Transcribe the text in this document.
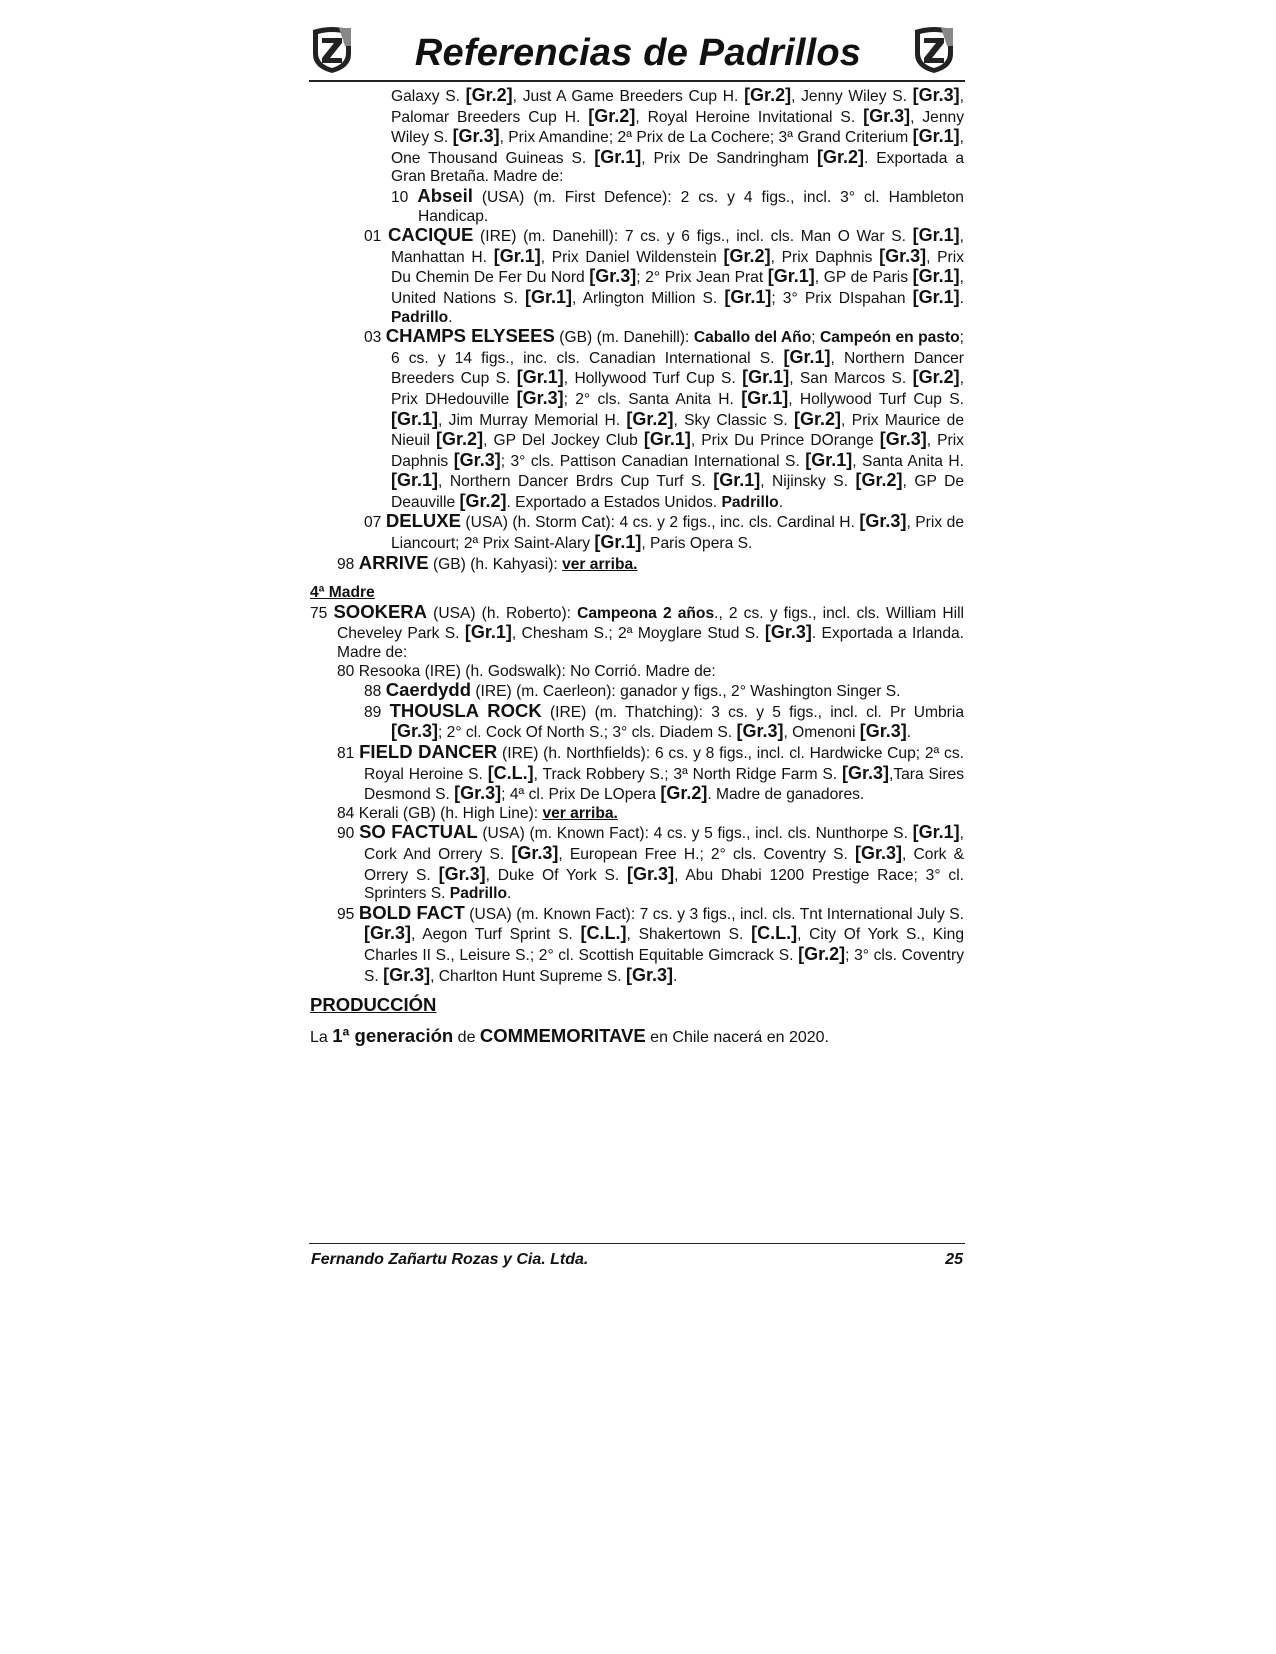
Referencias de Padrillos

Galaxy S. [Gr.2], Just A Game Breeders Cup H. [Gr.2], Jenny Wiley S. [Gr.3], Palomar Breeders Cup H. [Gr.2], Royal Heroine Invitational S. [Gr.3], Jenny Wiley S. [Gr.3], Prix Amandine; 2ª Prix de La Cochere; 3ª Grand Criterium [Gr.1], One Thousand Guineas S. [Gr.1], Prix De Sandringham [Gr.2]. Exportada a Gran Bretaña. Madre de:

10 Abseil (USA) (m. First Defence): 2 cs. y 4 figs., incl. 3° cl. Hambleton Handicap.

01 CACIQUE (IRE) (m. Danehill): 7 cs. y 6 figs., incl. cls. Man O War S. [Gr.1], Manhattan H. [Gr.1], Prix Daniel Wildenstein [Gr.2], Prix Daphnis [Gr.3], Prix Du Chemin De Fer Du Nord [Gr.3]; 2° Prix Jean Prat [Gr.1], GP de Paris [Gr.1], United Nations S. [Gr.1], Arlington Million S. [Gr.1]; 3° Prix DIspahan [Gr.1]. Padrillo.

03 CHAMPS ELYSEES (GB) (m. Danehill): Caballo del Año; Campeón en pasto; 6 cs. y 14 figs., inc. cls. Canadian International S. [Gr.1], Northern Dancer Breeders Cup S. [Gr.1], Hollywood Turf Cup S. [Gr.1], San Marcos S. [Gr.2], Prix DHedouville [Gr.3]; 2° cls. Santa Anita H. [Gr.1], Hollywood Turf Cup S. [Gr.1], Jim Murray Memorial H. [Gr.2], Sky Classic S. [Gr.2], Prix Maurice de Nieuil [Gr.2], GP Del Jockey Club [Gr.1], Prix Du Prince DOrange [Gr.3], Prix Daphnis [Gr.3]; 3° cls. Pattison Canadian International S. [Gr.1], Santa Anita H. [Gr.1], Northern Dancer Brdrs Cup Turf S. [Gr.1], Nijinsky S. [Gr.2], GP De Deauville [Gr.2]. Exportado a Estados Unidos. Padrillo.

07 DELUXE (USA) (h. Storm Cat): 4 cs. y 2 figs., inc. cls. Cardinal H. [Gr.3], Prix de Liancourt; 2ª Prix Saint-Alary [Gr.1], Paris Opera S.

98 ARRIVE (GB) (h. Kahyasi): ver arriba.

4ª Madre

75 SOOKERA (USA) (h. Roberto): Campeona 2 años., 2 cs. y figs., incl. cls. William Hill Cheveley Park S. [Gr.1], Chesham S.; 2ª Moyglare Stud S. [Gr.3]. Exportada a Irlanda. Madre de:

80 Resooka (IRE) (h. Godswalk): No Corrió. Madre de:

88 Caerdydd (IRE) (m. Caerleon): ganador y figs., 2° Washington Singer S.

89 THOUSLA ROCK (IRE) (m. Thatching): 3 cs. y 5 figs., incl. cl. Pr Umbria [Gr.3]; 2° cl. Cock Of North S.; 3° cls. Diadem S. [Gr.3], Omenoni [Gr.3].

81 FIELD DANCER (IRE) (h. Northfields): 6 cs. y 8 figs., incl. cl. Hardwicke Cup; 2ª cs. Royal Heroine S. [C.L.], Track Robbery S.; 3ª North Ridge Farm S. [Gr.3],Tara Sires Desmond S. [Gr.3]; 4ª cl. Prix De LOpera [Gr.2]. Madre de ganadores.

84 Kerali (GB) (h. High Line): ver arriba.

90 SO FACTUAL (USA) (m. Known Fact): 4 cs. y 5 figs., incl. cls. Nunthorpe S. [Gr.1], Cork And Orrery S. [Gr.3], European Free H.; 2° cls. Coventry S. [Gr.3], Cork & Orrery S. [Gr.3], Duke Of York S. [Gr.3], Abu Dhabi 1200 Prestige Race; 3° cl. Sprinters S. Padrillo.

95 BOLD FACT (USA) (m. Known Fact): 7 cs. y 3 figs., incl. cls. Tnt International July S. [Gr.3], Aegon Turf Sprint S. [C.L.], Shakertown S. [C.L.], City Of York S., King Charles II S., Leisure S.; 2° cl. Scottish Equitable Gimcrack S. [Gr.2]; 3° cls. Coventry S. [Gr.3], Charlton Hunt Supreme S. [Gr.3].

PRODUCCIÓN

La 1ª generación de COMMEMORITAVE en Chile nacerá en 2020.

Fernando Zañartu Rozas y Cia. Ltda.	25
